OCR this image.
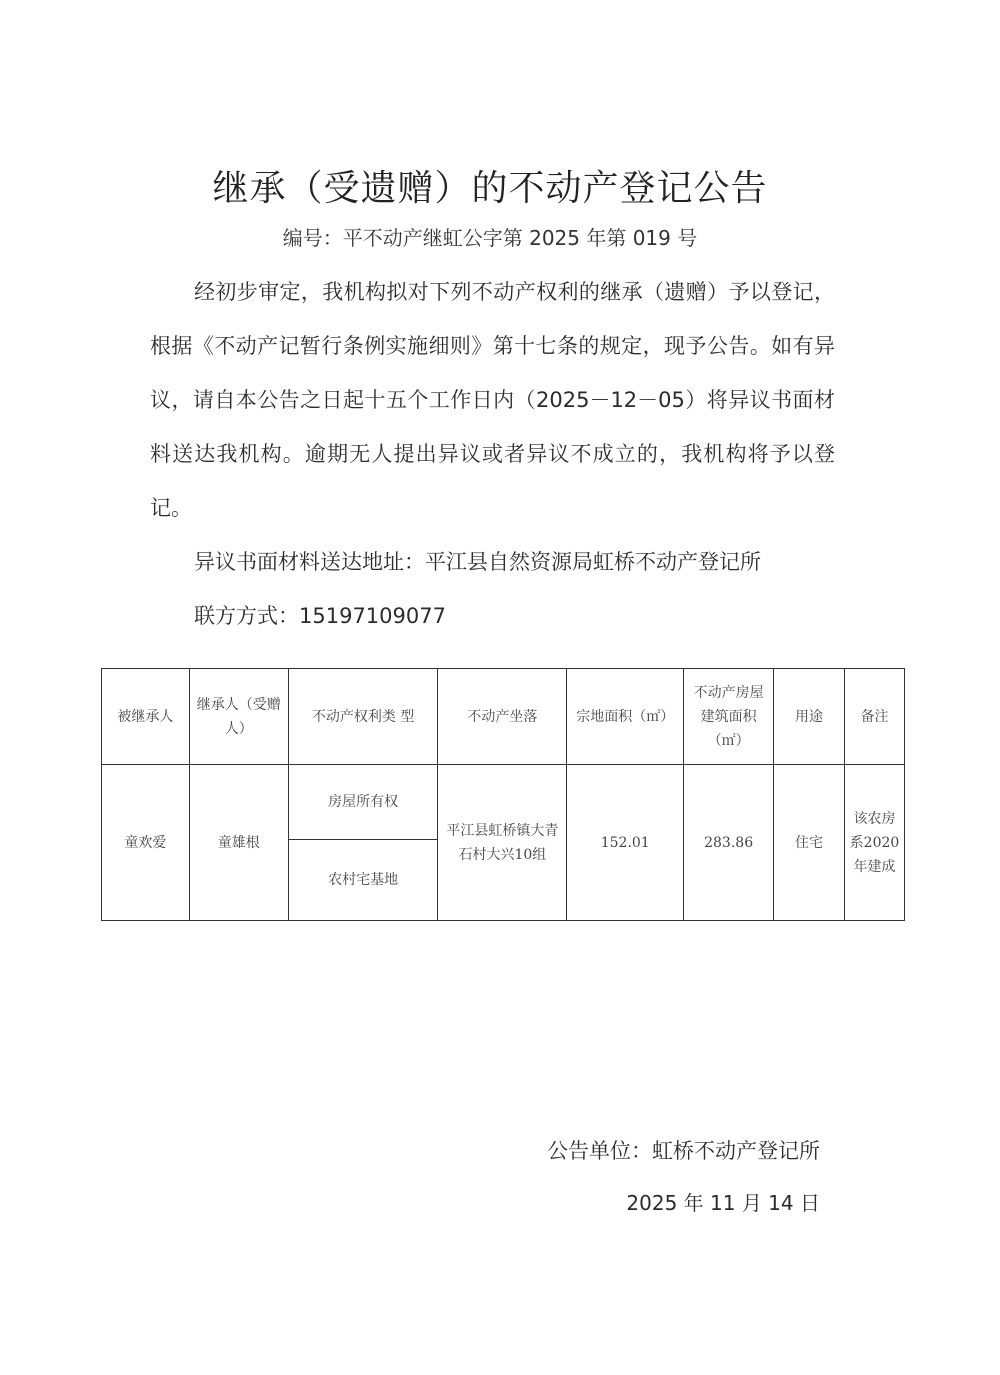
继承（受遗赠）的不动产登记公告
编号：平不动产继虹公字第 2025 年第 019 号

经初步审定，我机构拟对下列不动产权利的继承（遗赠）予以登记，根据《不动产记暂行条例实施细则》第十七条的规定，现予公告。如有异议，请自本公告之日起十五个工作日内（2025－12－05）将异议书面材料送达我机构。逾期无人提出异议或者异议不成立的，我机构将予以登记。

异议书面材料送达地址：平江县自然资源局虹桥不动产登记所

联方方式：15197109077

被继承人	继承人（受赠人）	不动产权利类 型	不动产坐落	宗地面积（㎡）	不动产房屋建筑面积（㎡）	用途	备注
童欢爱	童雄根	房屋所有权	平江县虹桥镇大青石村大兴10组	152.01	283.86	住宅	该农房系2020年建成
		农村宅基地					
公告单位：虹桥不动产登记所
2025 年 11 月 14 日
